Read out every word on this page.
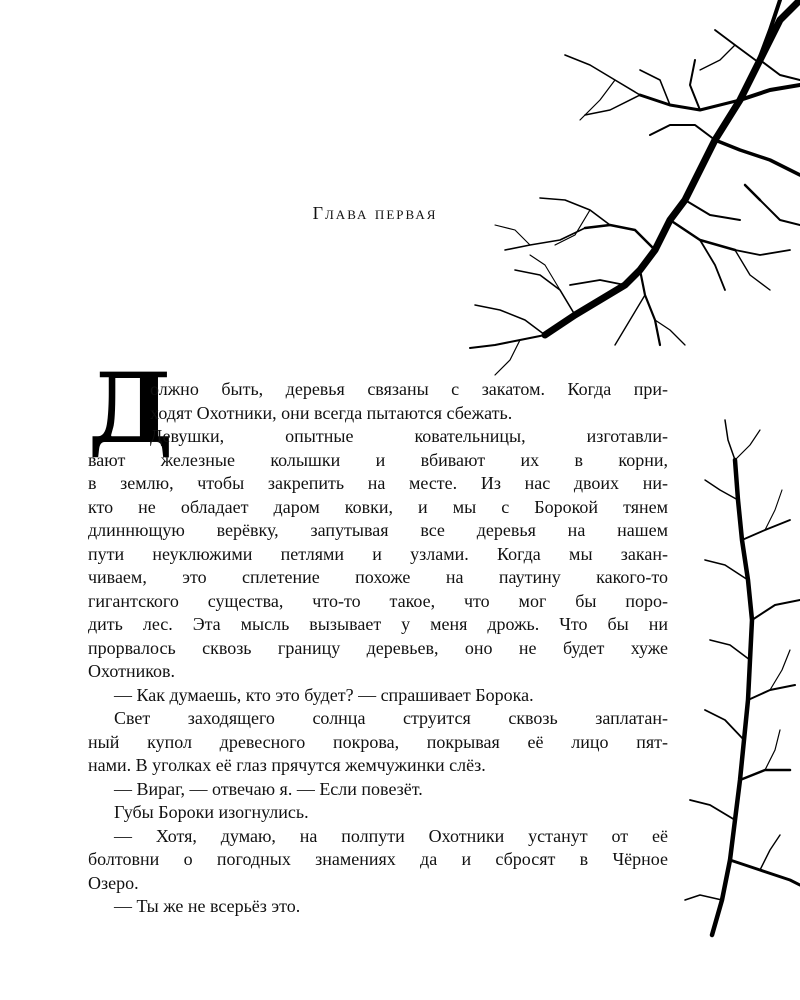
Глава первая
Д
олжно быть, деревья связаны с закатом. Когда при-
ходят Охотники, они всегда пытаются сбежать.
Девушки, опытные ковательницы, изготавли-
вают железные колышки и вбивают их в корни,
в землю, чтобы закрепить на месте. Из нас двоих ни-
кто не обладает даром ковки, и мы с Борокой тянем
длиннющую верёвку, запутывая все деревья на нашем
пути неуклюжими петлями и узлами. Когда мы закан-
чиваем, это сплетение похоже на паутину какого-то
гигантского существа, что-то такое, что мог бы поро-
дить лес. Эта мысль вызывает у меня дрожь. Что бы ни
прорвалось сквозь границу деревьев, оно не будет хуже
Охотников.
— Как думаешь, кто это будет? — спрашивает Борока.
Свет заходящего солнца струится сквозь заплатан-
ный купол древесного покрова, покрывая её лицо пят-
нами. В уголках её глаз прячутся жемчужинки слёз.
— Вираг, — отвечаю я. — Если повезёт.
Губы Бороки изогнулись.
— Хотя, думаю, на полпути Охотники устанут от её
болтовни о погодных знамениях да и сбросят в Чёрное
Озеро.
— Ты же не всерьёз это.
